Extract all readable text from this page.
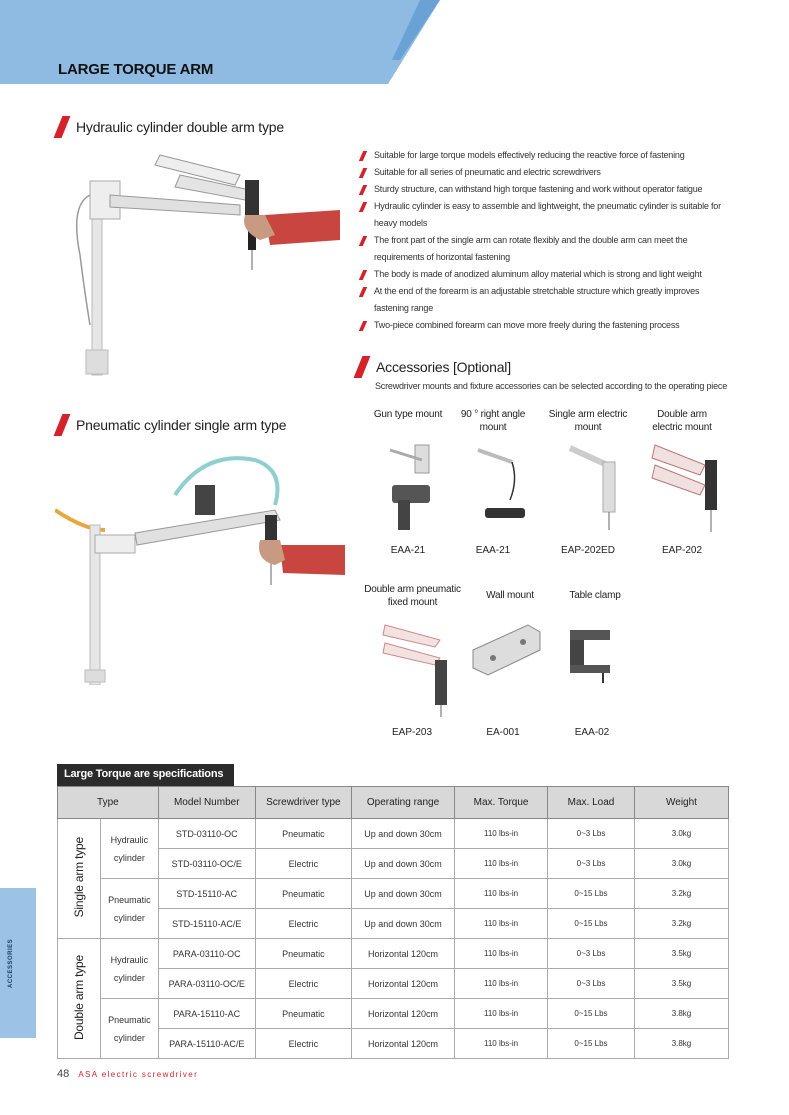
LARGE TORQUE ARM
Hydraulic cylinder double arm type
Pneumatic cylinder single arm type
Suitable for large torque models effectively reducing the reactive force of fastening
Suitable for all series of pneumatic and electric screwdrivers
Sturdy structure, can withstand high torque fastening and work without operator fatigue
Hydraulic cylinder is easy to assemble and lightweight, the pneumatic cylinder is suitable for heavy models
The front part of the single arm can rotate flexibly and the double arm can meet the requirements of horizontal fastening
The body is made of anodized aluminum alloy material which is strong and light weight
At the end of the forearm is an adjustable stretchable structure which greatly improves fastening range
Two-piece combined forearm can move more freely during the fastening process
Accessories [Optional]
Screwdriver mounts and fixture accessories can be selected according to the operating piece
Gun type mount	90 ° right angle mount
Single arm electric mount
Double arm electric mount
EAA-21	EAA-21	EAP-202ED	EAP-202
Double arm pneumatic fixed mount
Wall mount	Table clamp
EAP-203	EA-001	EAA-02
Large Torque are specifications
Type		Model Number	Screwdriver type	Operating range	Max. Torque	Max. Load	Weight
Single arm type	Hydraulic cylinder	STD-03110-OC	Pneumatic	Up and down 30cm	110 lbs-in	0~3 Lbs	3.0kg
		STD-03110-OC/E	Electric	Up and down 30cm	110 lbs-in	0~3 Lbs	3.0kg
	Pneumatic cylinder	STD-15110-AC	Pneumatic	Up and down 30cm	110 lbs-in	0~15 Lbs	3.2kg
		STD-15110-AC/E	Electric	Up and down 30cm	110 lbs-in	0~15 Lbs	3.2kg
Double arm type	Hydraulic cylinder	PARA-03110-OC	Pneumatic	Horizontal 120cm	110 lbs-in	0~3 Lbs	3.5kg
		PARA-03110-OC/E	Electric	Horizontal 120cm	110 lbs-in	0~3 Lbs	3.5kg
	Pneumatic cylinder	PARA-15110-AC	Pneumatic	Horizontal 120cm	110 lbs-in	0~15 Lbs	3.8kg
		PARA-15110-AC/E	Electric	Horizontal 120cm	110 lbs-in	0~15 Lbs	3.8kg
ACCESSORIES
48 ASA electric screwdriver
